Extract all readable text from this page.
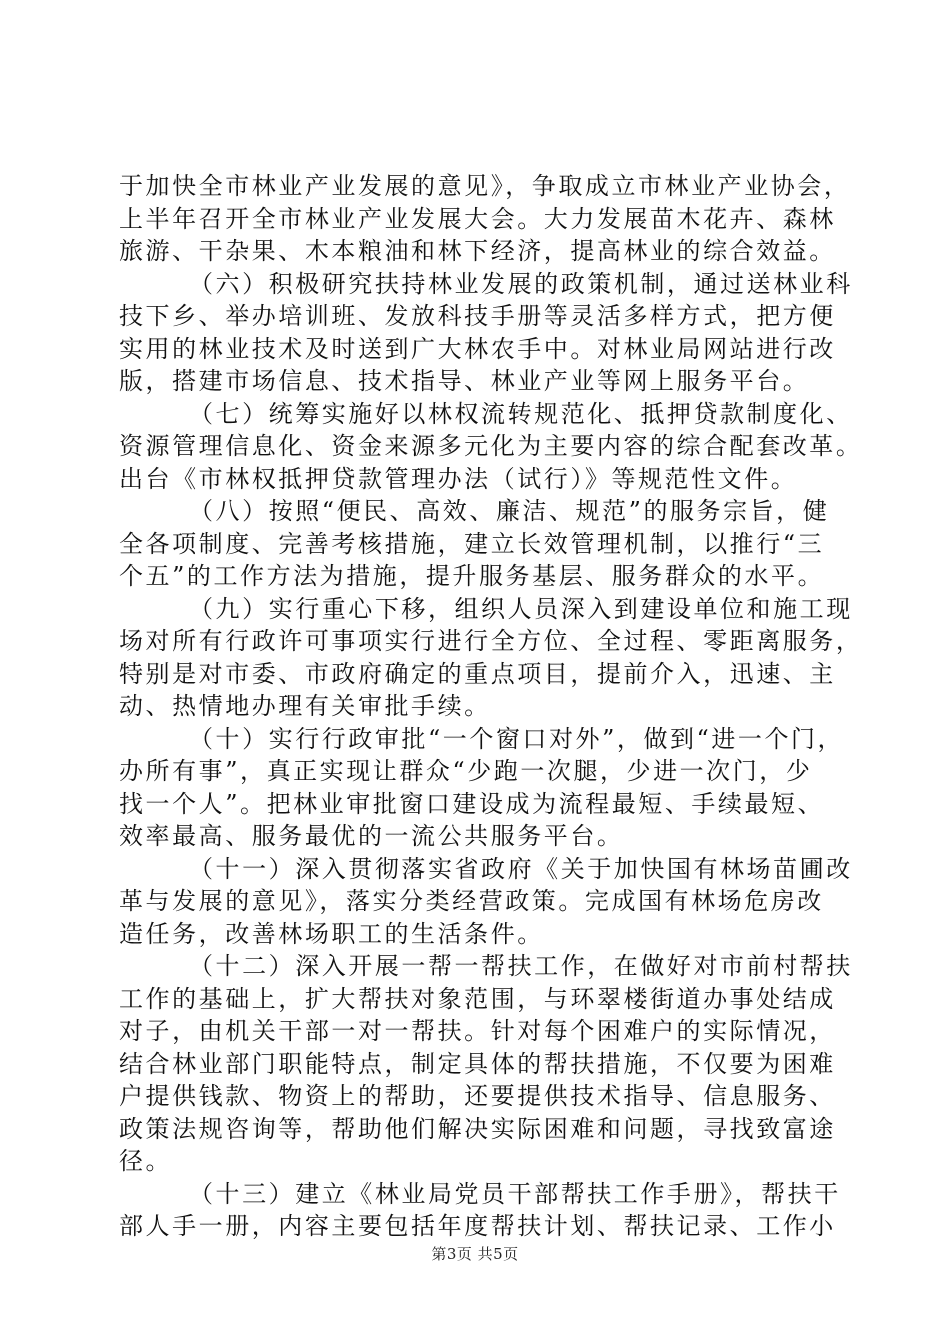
于加快全市林业产业发展的意见》，争取成立市林业产业协会，
上半年召开全市林业产业发展大会。大力发展苗木花卉、森林
旅游、干杂果、木本粮油和林下经济，提高林业的综合效益。

（六）积极研究扶持林业发展的政策机制，通过送林业科
技下乡、举办培训班、发放科技手册等灵活多样方式，把方便
实用的林业技术及时送到广大林农手中。对林业局网站进行改
版，搭建市场信息、技术指导、林业产业等网上服务平台。

（七）统筹实施好以林权流转规范化、抵押贷款制度化、
资源管理信息化、资金来源多元化为主要内容的综合配套改革。
出台《市林权抵押贷款管理办法（试行）》等规范性文件。

（八）按照“便民、高效、廉洁、规范”的服务宗旨，健
全各项制度、完善考核措施，建立长效管理机制，以推行“三
个五”的工作方法为措施，提升服务基层、服务群众的水平。

（九）实行重心下移，组织人员深入到建设单位和施工现
场对所有行政许可事项实行进行全方位、全过程、零距离服务，
特别是对市委、市政府确定的重点项目，提前介入，迅速、主
动、热情地办理有关审批手续。

（十）实行行政审批“一个窗口对外”，做到“进一个门，
办所有事”，真正实现让群众“少跑一次腿，少进一次门，少
找一个人”。把林业审批窗口建设成为流程最短、手续最短、
效率最高、服务最优的一流公共服务平台。

（十一）深入贯彻落实省政府《关于加快国有林场苗圃改
革与发展的意见》，落实分类经营政策。完成国有林场危房改
造任务，改善林场职工的生活条件。

（十二）深入开展一帮一帮扶工作，在做好对市前村帮扶
工作的基础上，扩大帮扶对象范围，与环翠楼街道办事处结成
对子，由机关干部一对一帮扶。针对每个困难户的实际情况，
结合林业部门职能特点，制定具体的帮扶措施，不仅要为困难
户提供钱款、物资上的帮助，还要提供技术指导、信息服务、
政策法规咨询等，帮助他们解决实际困难和问题，寻找致富途
径。

（十三）建立《林业局党员干部帮扶工作手册》，帮扶干
部人手一册，内容主要包括年度帮扶计划、帮扶记录、工作小

第3页 共5页
